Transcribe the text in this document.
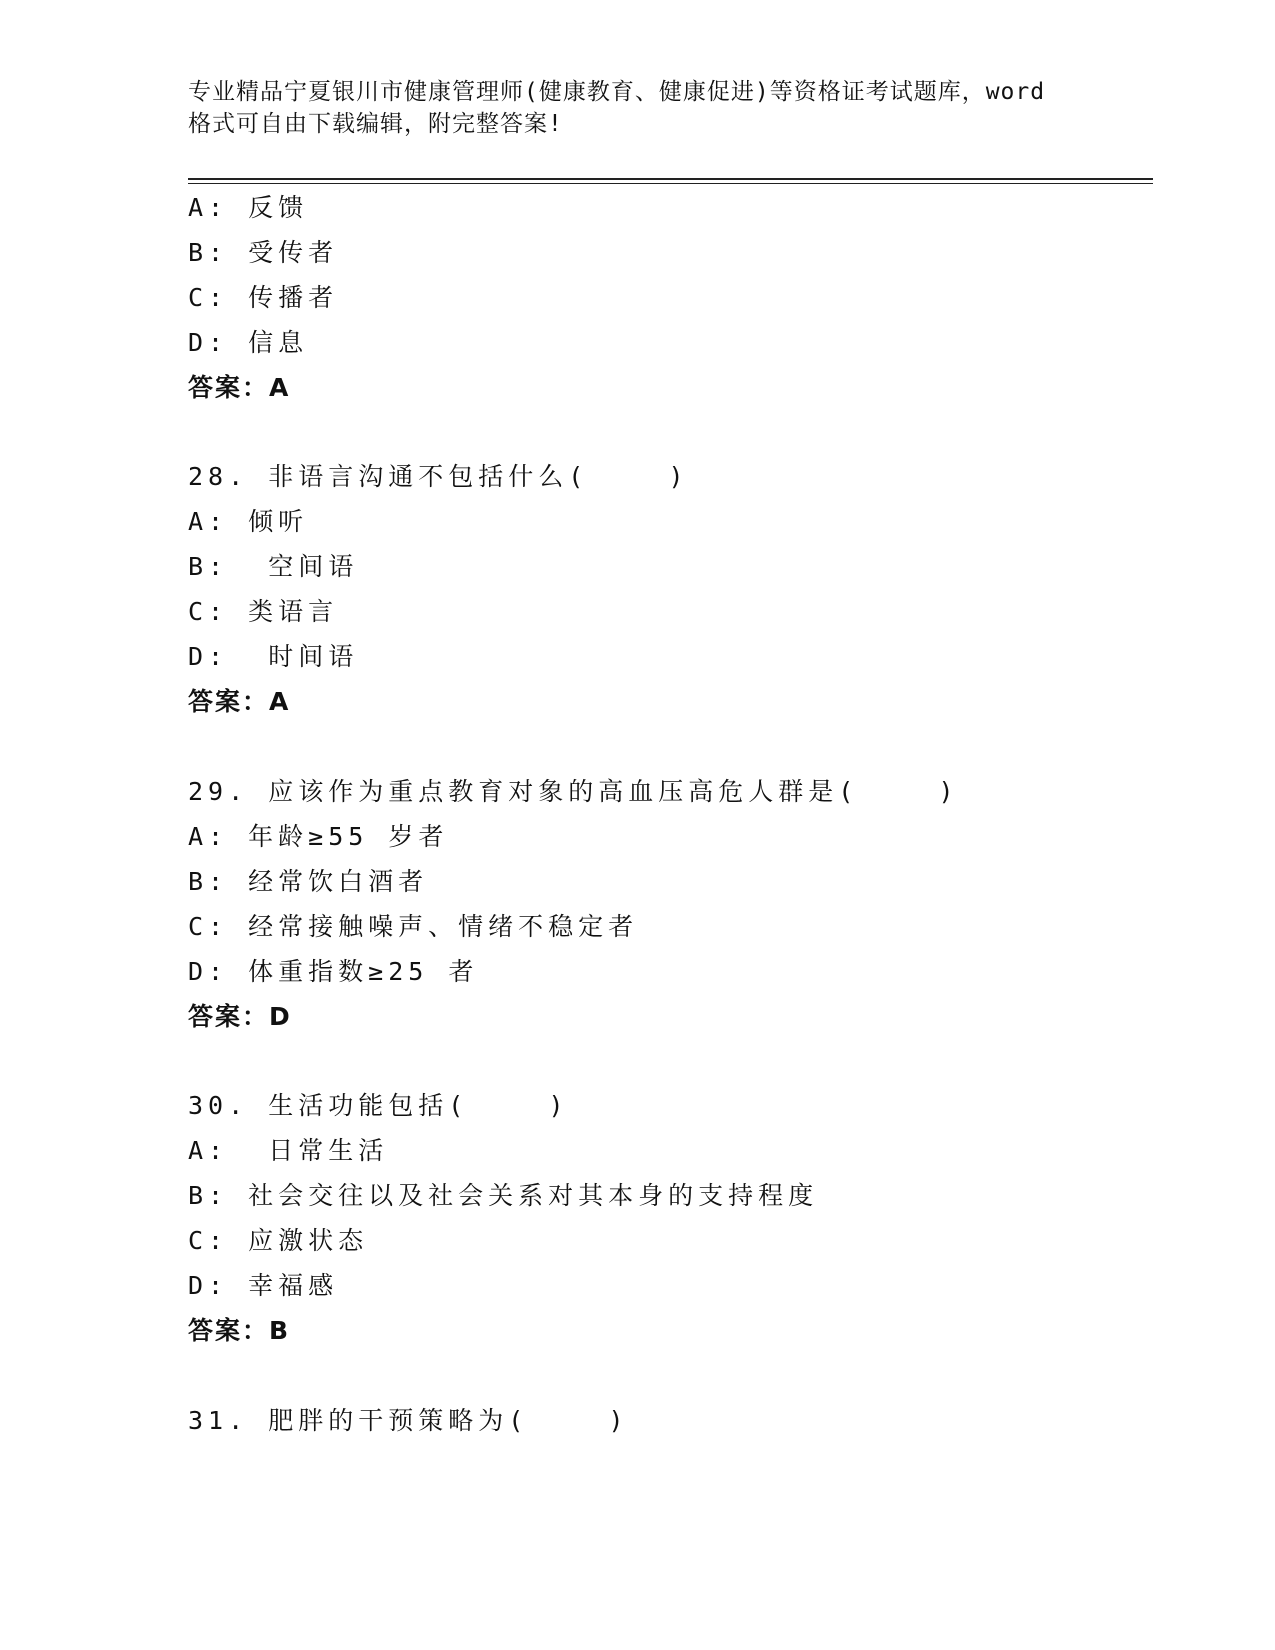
专业精品宁夏银川市健康管理师(健康教育、健康促进)等资格证考试题库，word
格式可自由下载编辑，附完整答案!
A: 反馈
B: 受传者
C: 传播者
D: 信息
答案：A
28. 非语言沟通不包括什么(    )
A: 倾听
B:  空间语
C: 类语言
D:  时间语
答案：A
29. 应该作为重点教育对象的高血压高危人群是(    )
A: 年龄≥55 岁者
B: 经常饮白酒者
C: 经常接触噪声、情绪不稳定者
D: 体重指数≥25 者
答案：D
30. 生活功能包括(    )
A:  日常生活
B: 社会交往以及社会关系对其本身的支持程度
C: 应激状态
D: 幸福感
答案：B
31. 肥胖的干预策略为(    )
